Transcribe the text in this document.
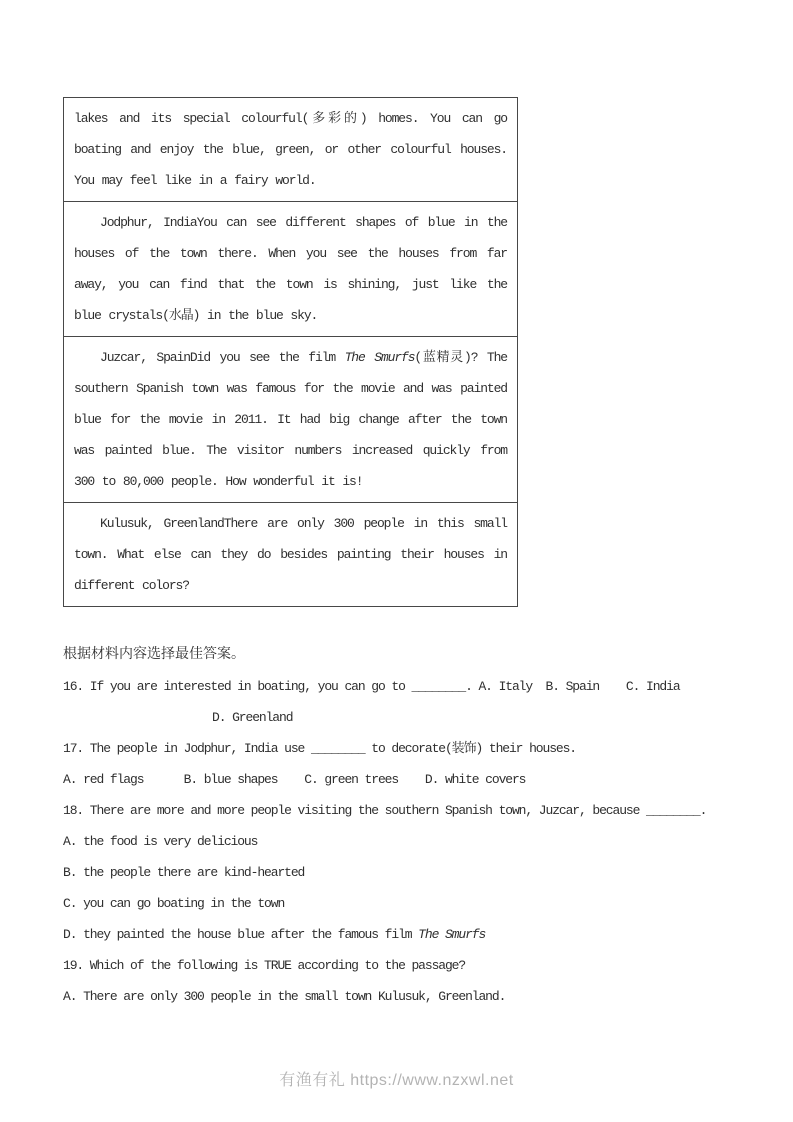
lakes and its special colourful(多彩的) homes. You can go boating and enjoy the blue, green, or other colourful houses. You may feel like in a fairy world.
Jodphur, IndiaYou can see different shapes of blue in the houses of the town there. When you see the houses from far away, you can find that the town is shining, just like the blue crystals(水晶) in the blue sky.
Juzcar, SpainDid you see the film The Smurfs(蓝精灵)? The southern Spanish town was famous for the movie and was painted blue for the movie in 2011. It had big change after the town was painted blue. The visitor numbers increased quickly from 300 to 80,000 people. How wonderful it is!
Kulusuk, GreenlandThere are only 300 people in this small town. What else can they do besides painting their houses in different colors?
根据材料内容选择最佳答案。
16. If you are interested in boating, you can go to ________. A. Italy  B. Spain    C. India
D. Greenland
17. The people in Jodphur, India use ________ to decorate(装饰) their houses.
A. red flags      B. blue shapes    C. green trees    D. white covers
18. There are more and more people visiting the southern Spanish town, Juzcar, because ________.
A. the food is very delicious
B. the people there are kind-hearted
C. you can go boating in the town
D. they painted the house blue after the famous film The Smurfs
19. Which of the following is TRUE according to the passage?
A. There are only 300 people in the small town Kulusuk, Greenland.
有渔有礼 https://www.nzxwl.net
